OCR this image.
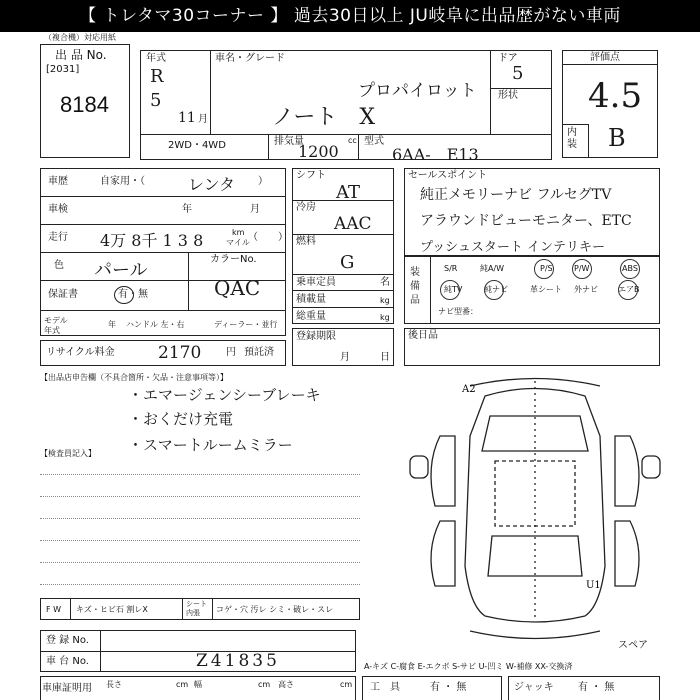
【 トレタマ30コーナー 】 過去30日以上 JU岐阜に出品歴がない車両
（複合機）対応用紙
出 品 No.
[2031]
8184
年式
R
5
11 月
車名・グレード
プロパイロット
ノート　X
ドア
5
形状
2WD・4WD	排気量	cc
1200
型式
6AA-　E13
評価点
4.5
内装 B
車歴	自家用・（	レンタ ）
車検	年	月
走行 4万 8千 1 3 8	km
マイル
（　　）
色 パール
保証書	有・無
カラーNo.
QAC
モデル年式
年 ハンドル 左・右	ディーラー・並行
リサイクル料金	2170 円 預託済
シフト
AT
冷房
AAC
燃料
G
乗車定員	名
積載量	kg
総重量	kg
登録期限
月	日
セールスポイント
純正メモリーナビ フルセグTV
アラウンドビューモニター、ETC
プッシュスタート インテリキー
装備品
S/R	純A/W	P/S	P/W	ABS
純TV	純ナビ	革シート 外ナビ	エアB
ナビ型番：
後日品
【出品店申告欄（不具合箇所・欠品・注意事項等）】
・エマージェンシーブレーキ
・おくだけ充電
・スマートルームミラー
【検査員記入】
A2
U1
スペア
F W キズ・ヒビ石 割レX
シート 内張	コゲ・穴 汚レ シミ・破レ・スレ
登 録 No.
車 台 No.	Z41835	A-キズ C-腐食 E-エクボ S-サビ U-凹ミ W-補修 XX-交換済
車庫証明用 長さ	cm 幅	cm 高さ	cm 工　具	有 ・ 無	ジャッキ 有 ・ 無
